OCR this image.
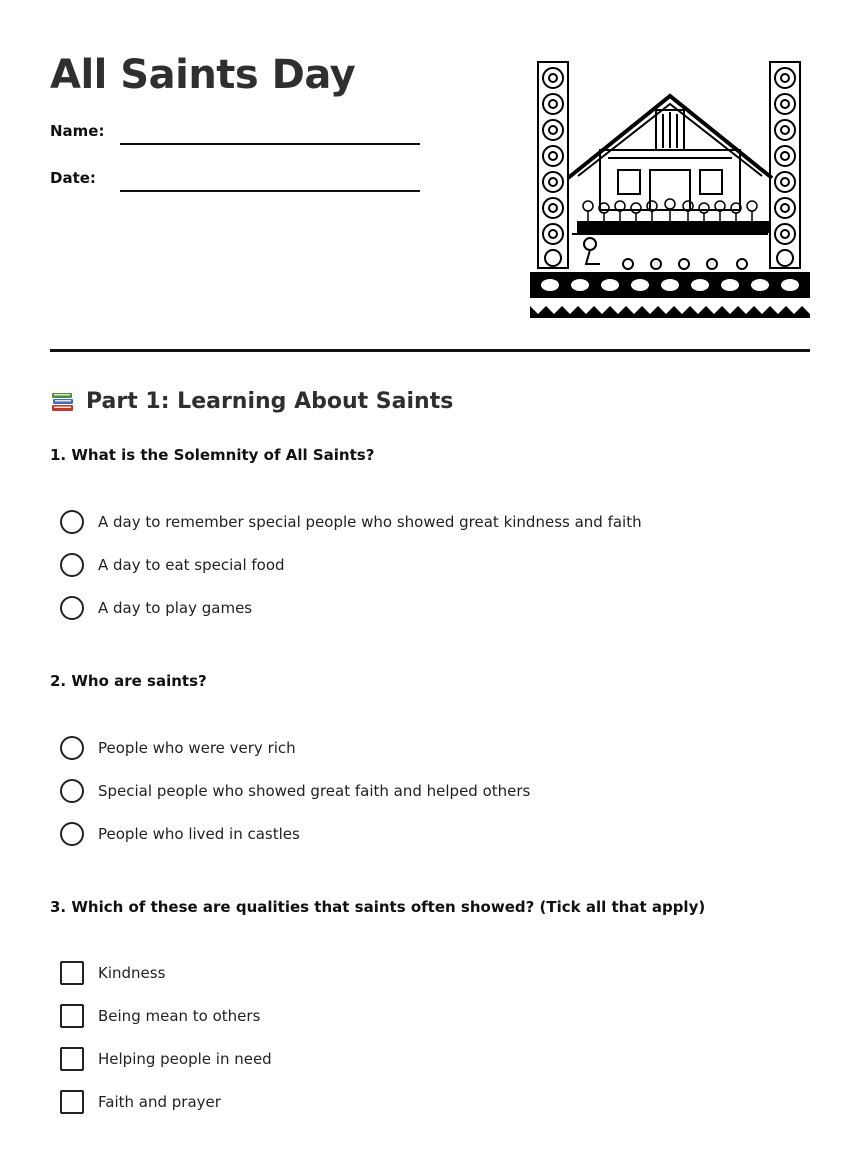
All Saints Day
Name:
Date:
Part 1: Learning About Saints
1. What is the Solemnity of All Saints?
A day to remember special people who showed great kindness and faith
A day to eat special food
A day to play games
2. Who are saints?
People who were very rich
Special people who showed great faith and helped others
People who lived in castles
3. Which of these are qualities that saints often showed? (Tick all that apply)
Kindness
Being mean to others
Helping people in need
Faith and prayer
